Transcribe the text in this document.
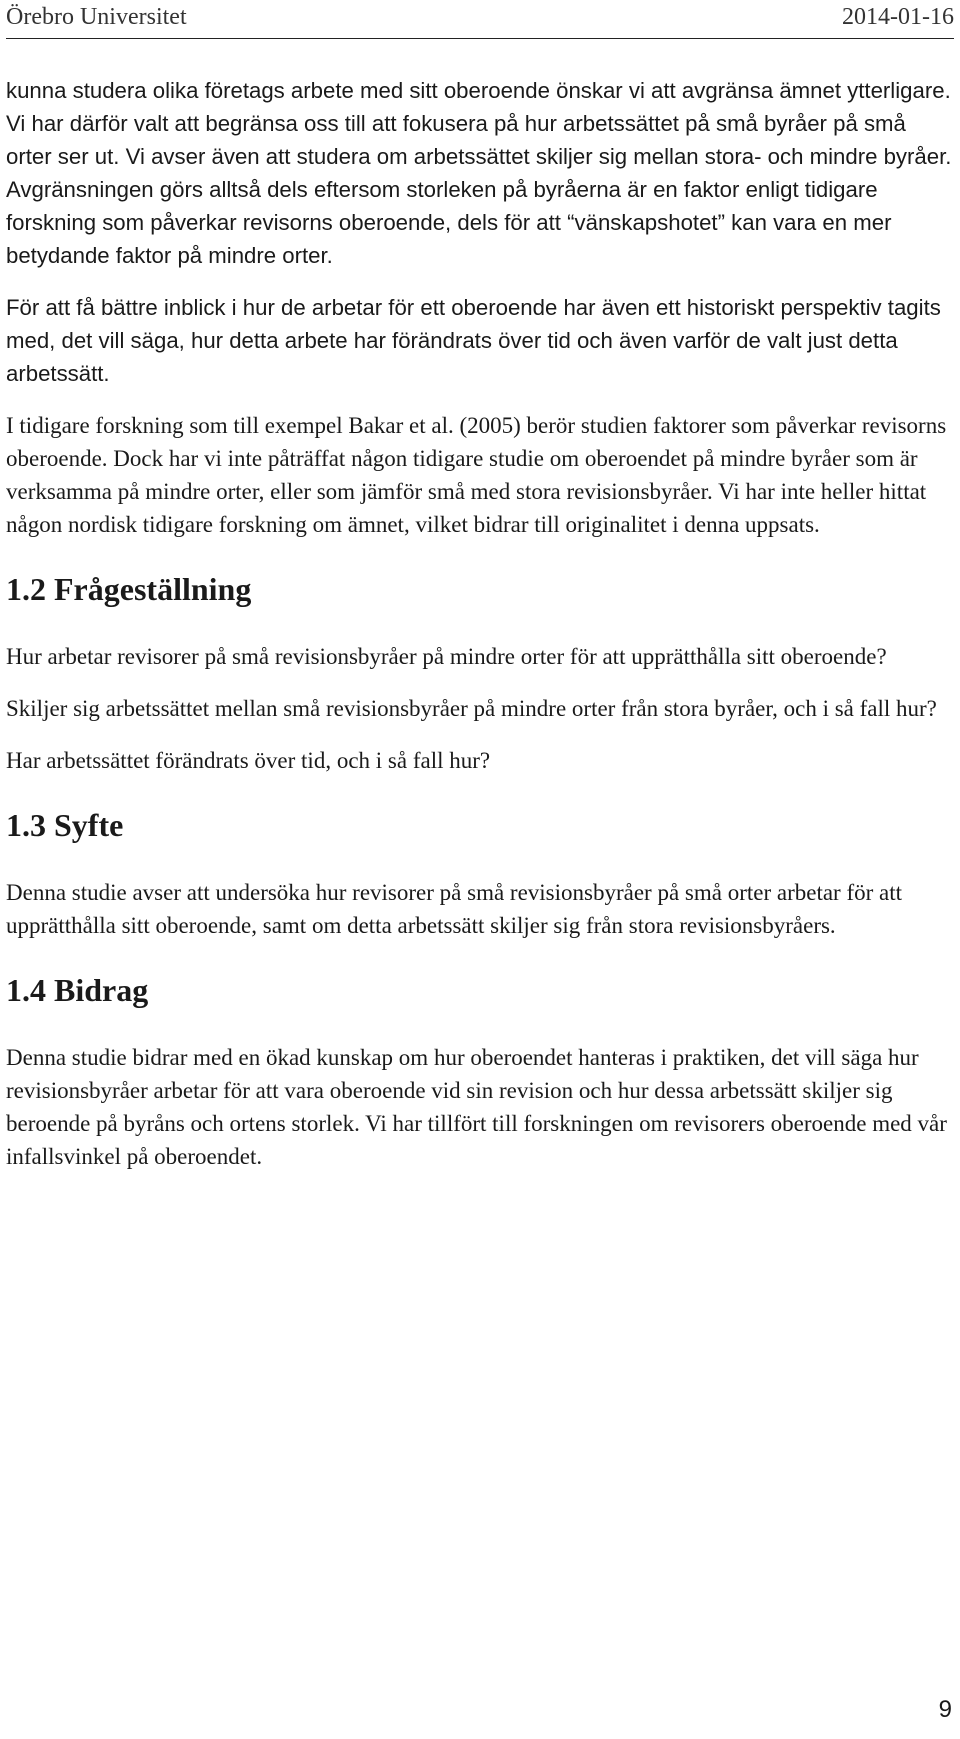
Örebro Universitet	2014-01-16

kunna studera olika företags arbete med sitt oberoende önskar vi att avgränsa ämnet ytterligare. Vi har därför valt att begränsa oss till att fokusera på hur arbetssättet på små byråer på små orter ser ut. Vi avser även att studera om arbetssättet skiljer sig mellan stora- och mindre byråer. Avgränsningen görs alltså dels eftersom storleken på byråerna är en faktor enligt tidigare forskning som påverkar revisorns oberoende, dels för att “vänskapshotet” kan vara en mer betydande faktor på mindre orter.

För att få bättre inblick i hur de arbetar för ett oberoende har även ett historiskt perspektiv tagits med, det vill säga, hur detta arbete har förändrats över tid och även varför de valt just detta arbetssätt.

I tidigare forskning som till exempel Bakar et al. (2005) berör studien faktorer som påverkar revisorns oberoende. Dock har vi inte påträffat någon tidigare studie om oberoendet på mindre byråer som är verksamma på mindre orter, eller som jämför små med stora revisionsbyråer. Vi har inte heller hittat någon nordisk tidigare forskning om ämnet, vilket bidrar till originalitet i denna uppsats.

1.2 Frågeställning

Hur arbetar revisorer på små revisionsbyråer på mindre orter för att upprätthålla sitt oberoende?

Skiljer sig arbetssättet mellan små revisionsbyråer på mindre orter från stora byråer, och i så fall hur?

Har arbetssättet förändrats över tid, och i så fall hur?

1.3 Syfte

Denna studie avser att undersöka hur revisorer på små revisionsbyråer på små orter arbetar för att upprätthålla sitt oberoende, samt om detta arbetssätt skiljer sig från stora revisionsbyråers.

1.4 Bidrag

Denna studie bidrar med en ökad kunskap om hur oberoendet hanteras i praktiken, det vill säga hur revisionsbyråer arbetar för att vara oberoende vid sin revision och hur dessa arbetssätt skiljer sig beroende på byråns och ortens storlek. Vi har tillfört till forskningen om revisorers oberoende med vår infallsvinkel på oberoendet.

9
